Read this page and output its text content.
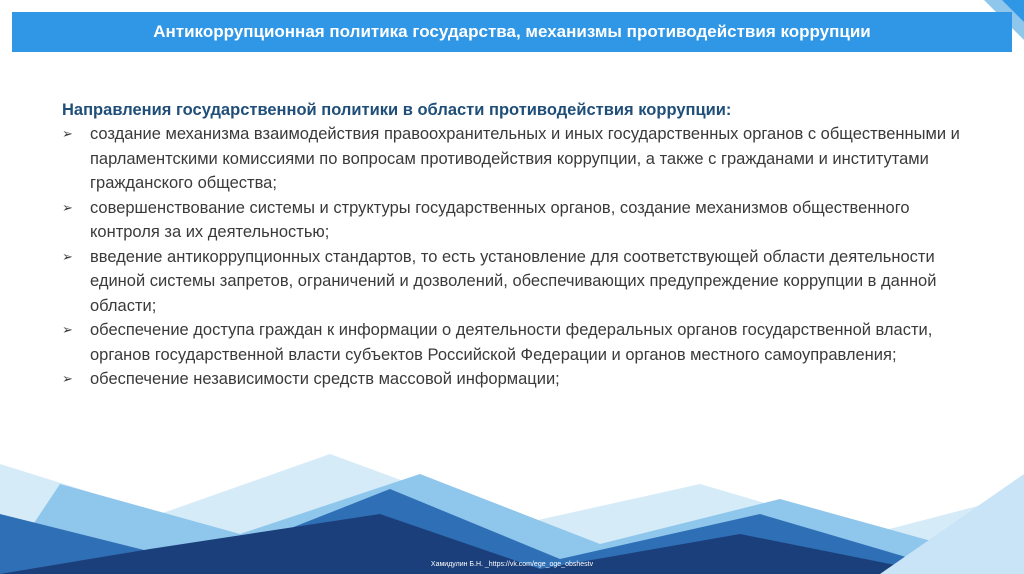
Антикоррупционная политика государства, механизмы противодействия коррупции

Направления государственной политики в области противодействия коррупции:

➢	создание механизма взаимодействия правоохранительных и иных государственных органов с общественными и парламентскими комиссиями по вопросам противодействия коррупции, а также с гражданами и институтами гражданского общества;
➢	совершенствование системы и структуры государственных органов, создание механизмов общественного контроля за их деятельностью;
➢	введение антикоррупционных стандартов, то есть установление для соответствующей области деятельности единой системы запретов, ограничений и дозволений, обеспечивающих предупреждение коррупции в данной области;
➢	обеспечение доступа граждан к информации о деятельности федеральных органов государственной власти, органов государственной власти субъектов Российской Федерации и органов местного самоуправления;
➢	обеспечение независимости средств массовой информации;
Хамидулин Б.Н. _https://vk.com/ege_oge_obshestv
